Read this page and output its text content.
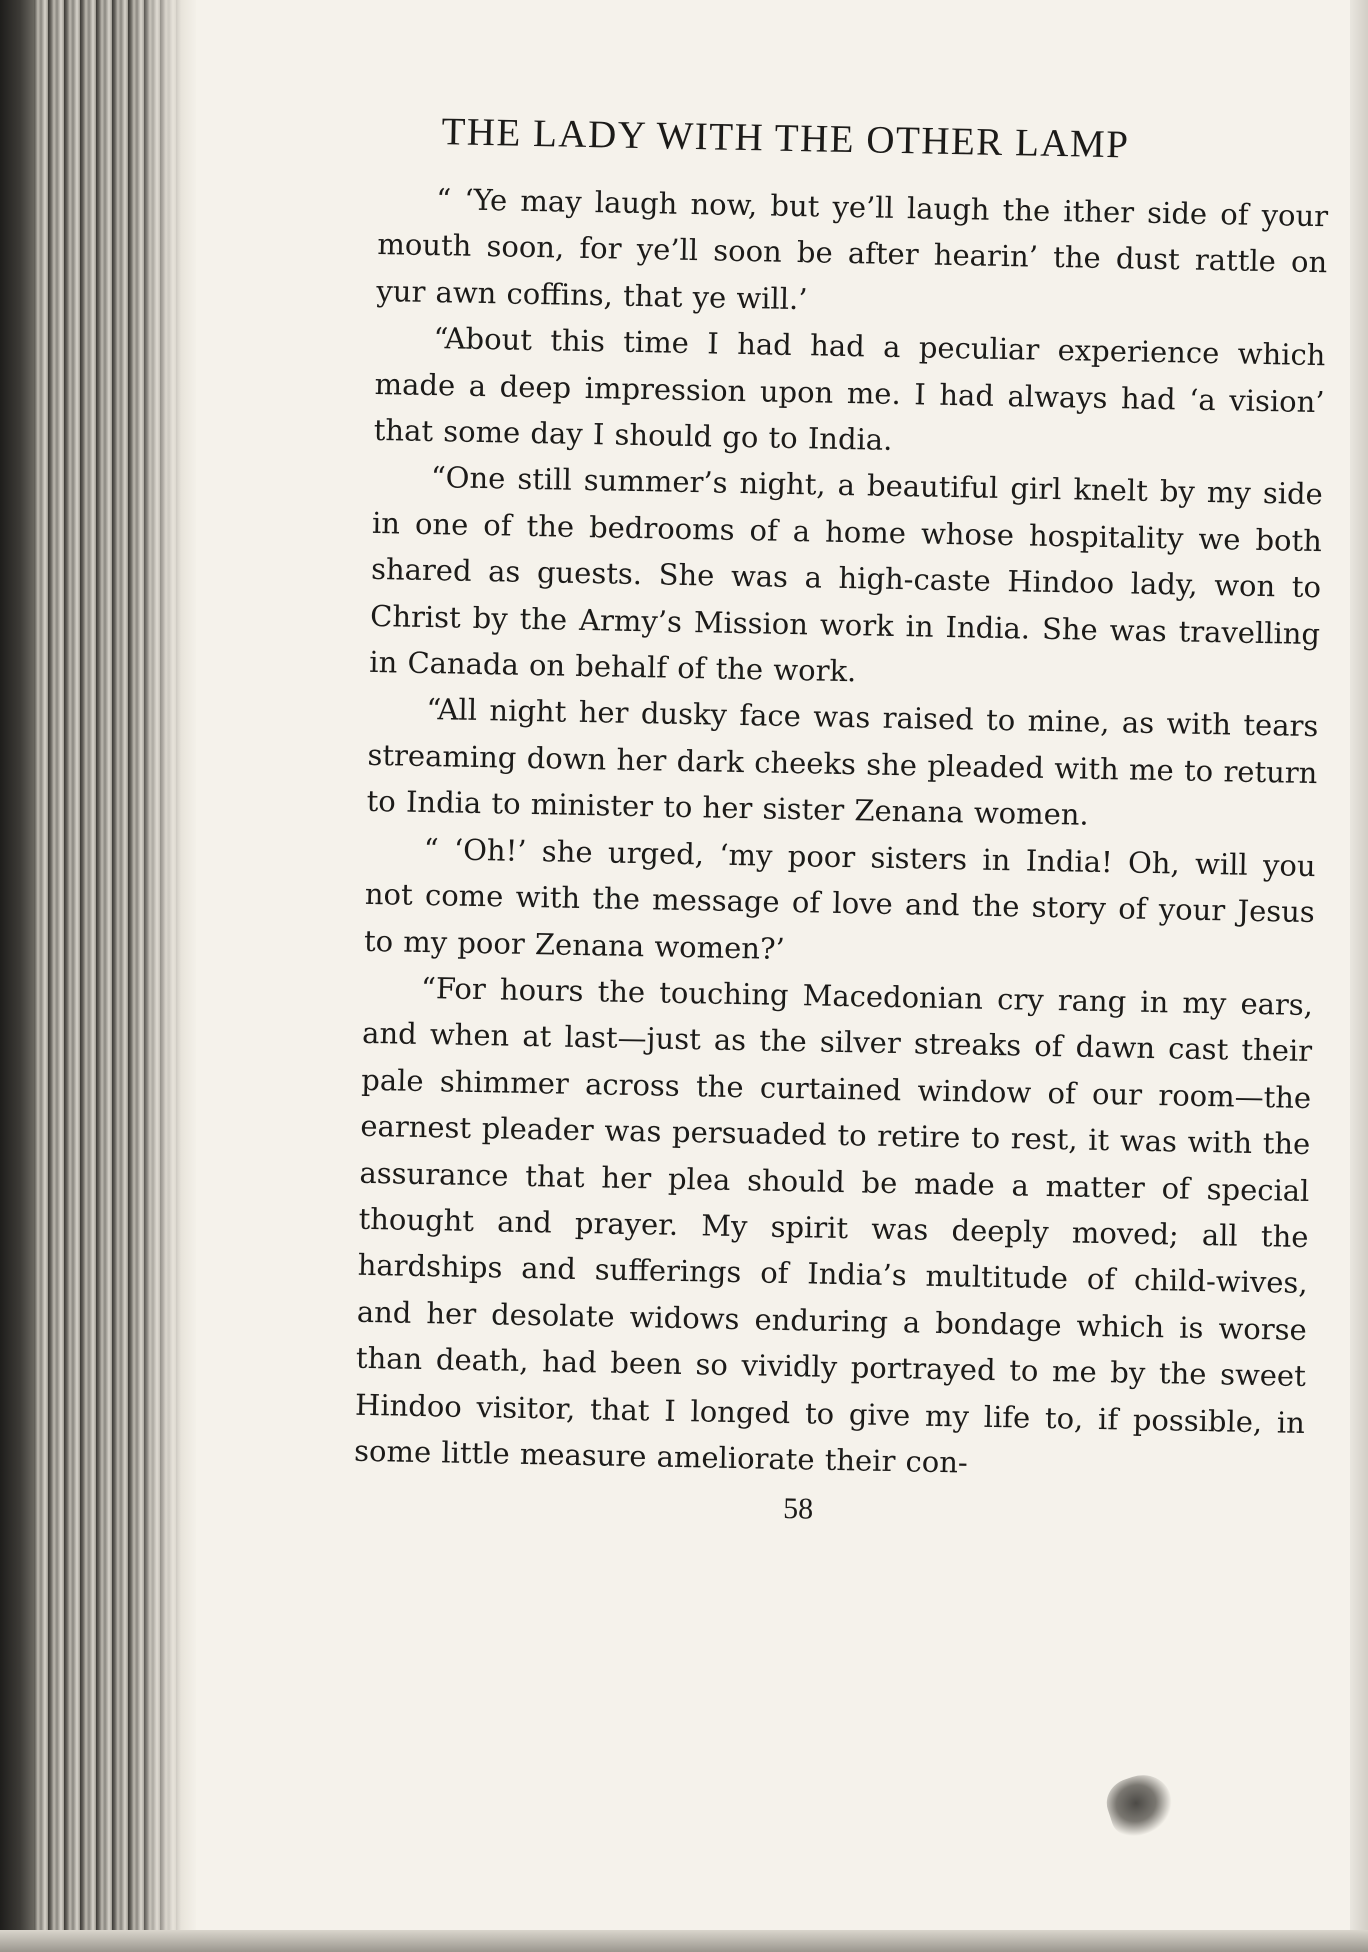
THE LADY WITH THE OTHER LAMP

“ ‘Ye may laugh now, but ye’ll laugh the ither side of your mouth soon, for ye’ll soon be after hearin’ the dust rattle on yur awn coffins, that ye will.’

“About this time I had had a peculiar experience which made a deep impression upon me. I had always had ‘a vision’ that some day I should go to India.

“One still summer’s night, a beautiful girl knelt by my side in one of the bedrooms of a home whose hospitality we both shared as guests. She was a high-caste Hindoo lady, won to Christ by the Army’s Mission work in India. She was travelling in Canada on behalf of the work.

“All night her dusky face was raised to mine, as with tears streaming down her dark cheeks she pleaded with me to return to India to minister to her sister Zenana women.

“ ‘Oh!’ she urged, ‘my poor sisters in India! Oh, will you not come with the message of love and the story of your Jesus to my poor Zenana women?’

“For hours the touching Macedonian cry rang in my ears, and when at last—just as the silver streaks of dawn cast their pale shimmer across the curtained window of our room—the earnest pleader was persuaded to retire to rest, it was with the assurance that her plea should be made a matter of special thought and prayer. My spirit was deeply moved; all the hardships and sufferings of India’s multitude of child-wives, and her desolate widows enduring a bondage which is worse than death, had been so vividly portrayed to me by the sweet Hindoo visitor, that I longed to give my life to, if possible, in some little measure ameliorate their con-

58
